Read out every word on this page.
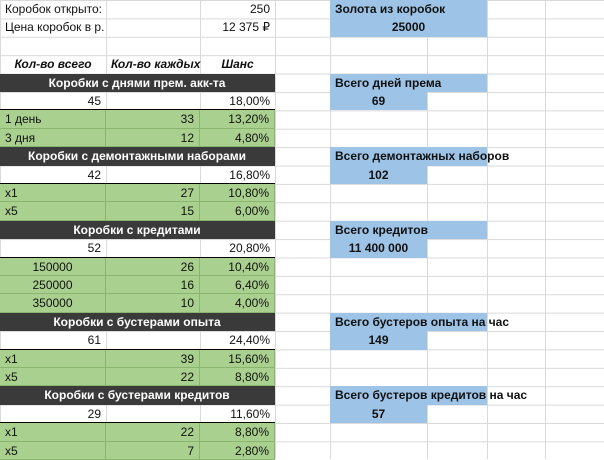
Коробок открыто:	250
Цена коробок в р.	12 375 ₽
Золота из коробок
25000
Кол-во всего	Кол-во каждых	Шанс
Коробки с днями прем. акк-та
45	18,00%
1 день	33	13,20%
3 дня	12	4,80%
Всего дней према
69
Коробки с демонтажными наборами
42	16,80%
x1	27	10,80%
x5	15	6,00%
Всего демонтажных наборов
102
Коробки с кредитами
52	20,80%
150000	26	10,40%
250000	16	6,40%
350000	10	4,00%
Всего кредитов
11 400 000
Коробки с бустерами опыта
61	24,40%
x1	39	15,60%
x5	22	8,80%
Всего бустеров опыта на час
149
Коробки с бустерами кредитов
29	11,60%
x1	22	8,80%
x5	7	2,80%
Всего бустеров кредитов на час
57
